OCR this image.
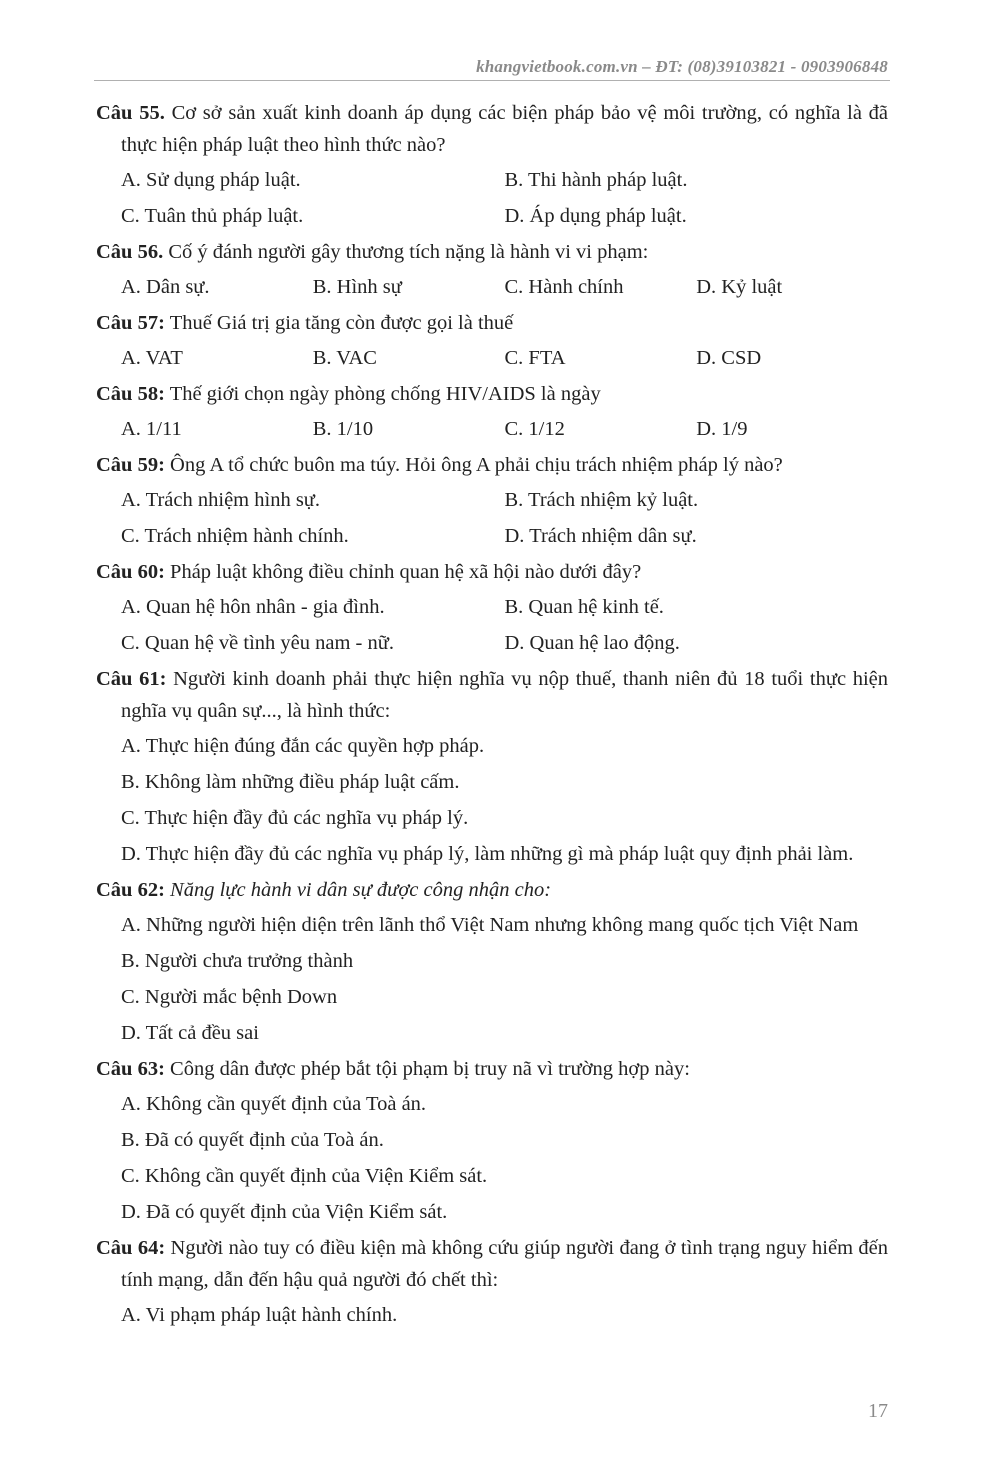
khangvietbook.com.vn – ĐT: (08)39103821 - 0903906848

Câu 55. Cơ sở sản xuất kinh doanh áp dụng các biện pháp bảo vệ môi trường, có nghĩa là đã thực hiện pháp luật theo hình thức nào?

A. Sử dụng pháp luật.	B. Thi hành pháp luật.
C. Tuân thủ pháp luật.	D. Áp dụng pháp luật.

Câu 56. Cố ý đánh người gây thương tích nặng là hành vi vi phạm:

A. Dân sự.	B. Hình sự	C. Hành chính	D. Kỷ luật

Câu 57: Thuế Giá trị gia tăng còn được gọi là thuế

A. VAT	B. VAC	C. FTA	D. CSD

Câu 58: Thế giới chọn ngày phòng chống HIV/AIDS là ngày

A. 1/11	B. 1/10	C. 1/12	D. 1/9

Câu 59: Ông A tổ chức buôn ma túy. Hỏi ông A phải chịu trách nhiệm pháp lý nào?

A. Trách nhiệm hình sự.	B. Trách nhiệm kỷ luật.
C. Trách nhiệm hành chính.	D. Trách nhiệm dân sự.

Câu 60: Pháp luật không điều chỉnh quan hệ xã hội nào dưới đây?

A. Quan hệ hôn nhân - gia đình.	B. Quan hệ kinh tế.
C. Quan hệ về tình yêu nam - nữ.	D. Quan hệ lao động.

Câu 61: Người kinh doanh phải thực hiện nghĩa vụ nộp thuế, thanh niên đủ 18 tuổi thực hiện nghĩa vụ quân sự..., là hình thức:

A. Thực hiện đúng đắn các quyền hợp pháp.
B. Không làm những điều pháp luật cấm.
C. Thực hiện đầy đủ các nghĩa vụ pháp lý.
D. Thực hiện đầy đủ các nghĩa vụ pháp lý, làm những gì mà pháp luật quy định phải làm.

Câu 62: Năng lực hành vi dân sự được công nhận cho:

A. Những người hiện diện trên lãnh thổ Việt Nam nhưng không mang quốc tịch Việt Nam
B. Người chưa trưởng thành
C. Người mắc bệnh Down
D. Tất cả đều sai

Câu 63: Công dân được phép bắt tội phạm bị truy nã vì trường hợp này:

A. Không cần quyết định của Toà án.
B. Đã có quyết định của Toà án.
C. Không cần quyết định của Viện Kiểm sát.
D. Đã có quyết định của Viện Kiểm sát.

Câu 64: Người nào tuy có điều kiện mà không cứu giúp người đang ở tình trạng nguy hiểm đến tính mạng, dẫn đến hậu quả người đó chết thì:

A. Vi phạm pháp luật hành chính.
17
